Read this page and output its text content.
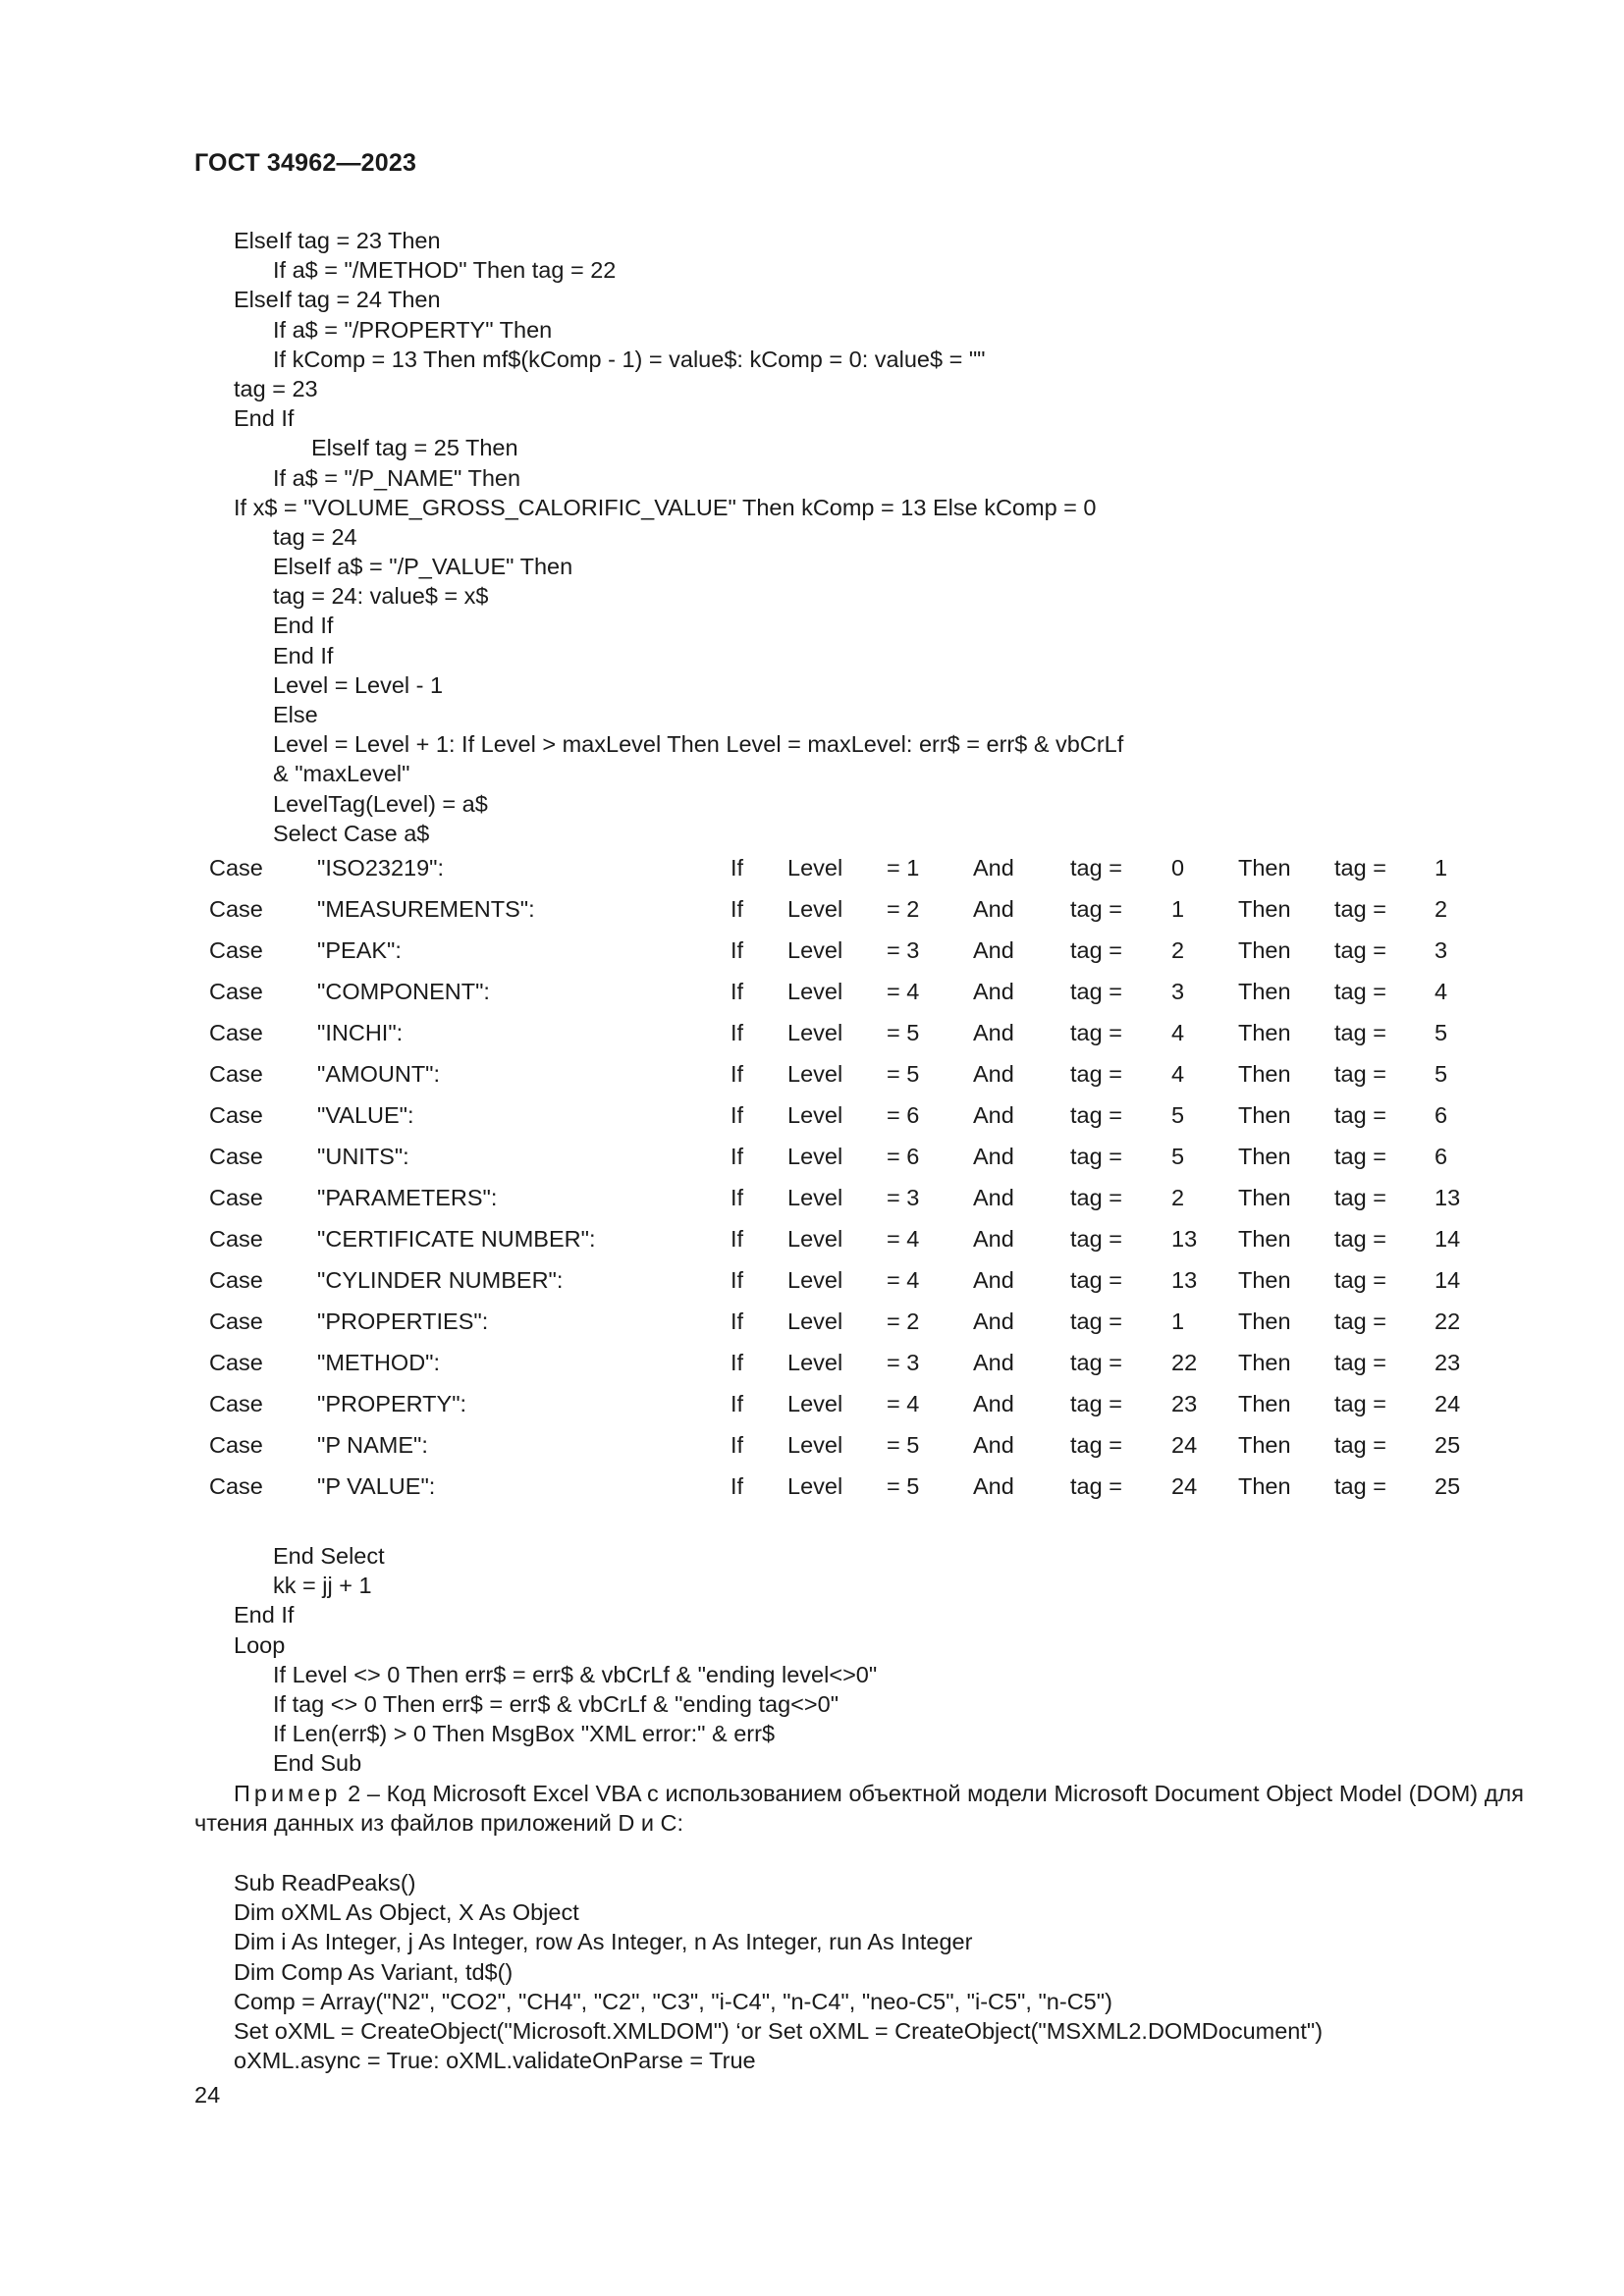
ГОСТ 34962—2023
ElseIf tag = 23 Then
If a$ = "/METHOD" Then tag = 22
ElseIf tag = 24 Then
If a$ = "/PROPERTY" Then
If kComp = 13 Then mf$(kComp - 1) = value$: kComp = 0: value$ = ""
tag = 23
End If
ElseIf tag = 25 Then
If a$ = "/P_NAME" Then
If x$ = "VOLUME_GROSS_CALORIFIC_VALUE" Then kComp = 13 Else kComp = 0
tag = 24
ElseIf a$ = "/P_VALUE" Then
tag = 24: value$ = x$
End If
End If
Level = Level - 1
Else
Level = Level + 1: If Level > maxLevel Then Level = maxLevel: err$ = err$ & vbCrLf
& "maxLevel"
LevelTag(Level) = a$
Select Case a$
Case "ISO23219":	If Level = 1 And tag = 0 Then tag = 1
Case "MEASUREMENTS":	If Level = 2 And tag = 1 Then tag = 2
Case "PEAK":	If Level = 3 And tag = 2 Then tag = 3
Case "COMPONENT":	If Level = 4 And tag = 3 Then tag = 4
Case "INCHI":	If Level = 5 And tag = 4 Then tag = 5
Case "AMOUNT":	If Level = 5 And tag = 4 Then tag = 5
Case "VALUE":	If Level = 6 And tag = 5 Then tag = 6
Case "UNITS":	If Level = 6 And tag = 5 Then tag = 6
Case "PARAMETERS":	If Level = 3 And tag = 2 Then tag = 13
Case "CERTIFICATE NUMBER":	If Level = 4 And tag = 13 Then tag = 14
Case "CYLINDER NUMBER":	If Level = 4 And tag = 13 Then tag = 14
Case "PROPERTIES":	If Level = 2 And tag = 1 Then tag = 22
Case "METHOD":	If Level = 3 And tag = 22 Then tag = 23
Case "PROPERTY":	If Level = 4 And tag = 23 Then tag = 24
Case "P NAME":	If Level = 5 And tag = 24 Then tag = 25
Case "P VALUE":	If Level = 5 And tag = 24 Then tag = 25
End Select
kk = jj + 1
End If
Loop
If Level <> 0 Then err$ = err$ & vbCrLf & "ending level<>0"
If tag <> 0 Then err$ = err$ & vbCrLf & "ending tag<>0"
If Len(err$) > 0 Then MsgBox "XML error:" & err$
End Sub
Пример 2 – Код Microsoft Excel VBA с использованием объектной модели Microsoft Document Object Model (DOM) для чтения данных из файлов приложений D и С:
Sub ReadPeaks()
Dim oXML As Object, X As Object
Dim i As Integer, j As Integer, row As Integer, n As Integer, run As Integer
Dim Comp As Variant, td$()
Comp = Array("N2", "CO2", "CH4", "C2", "C3", "i-C4", "n-C4", "neo-C5", "i-C5", "n-C5")
Set oXML = CreateObject("Microsoft.XMLDOM") ‘or Set oXML = CreateObject("MSXML2.DOMDocument")
oXML.async = True: oXML.validateOnParse = True
24
